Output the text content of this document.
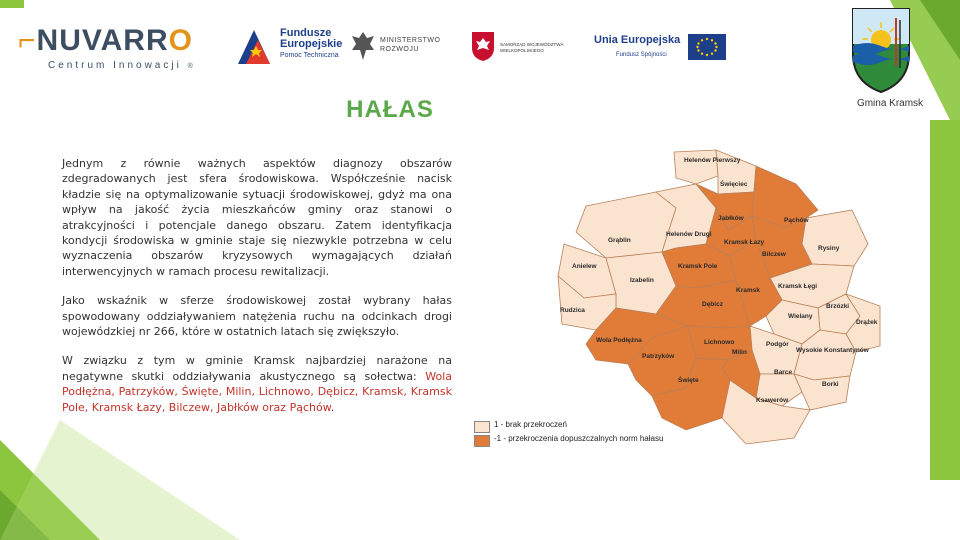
⌐NUVARRO
Centrum Innowacji ®
Fundusze
Europejskie
Pomoc Techniczna
MINISTERSTWO
ROZWOJU
SAMORZĄD WOJEWÓDZTWA
WIELKOPOLSKIEGO
Unia Europejska
Fundusz Spójności
Gmina Kramsk
HAŁAS

Jednym z równie ważnych aspektów diagnozy obszarów zdegradowanych jest sfera środowiskowa. Współcześnie nacisk kładzie się na optymalizowanie sytuacji środowiskowej, gdyż ma ona wpływ na jakość życia mieszkańców gminy oraz stanowi o atrakcyjności i potencjale danego obszaru. Zatem identyfikacja kondycji środowiska w gminie staje się niezwykle potrzebna w celu wyznaczenia obszarów kryzysowych wymagających działań interwencyjnych w ramach procesu rewitalizacji.

Jako wskaźnik w sferze środowiskowej został wybrany hałas spowodowany oddziaływaniem natężenia ruchu na odcinkach drogi wojewódzkiej nr 266, które w ostatnich latach się zwiększyło.

W związku z tym w gminie Kramsk najbardziej narażone na negatywne skutki oddziaływania akustycznego są sołectwa: Wola Podłężna, Patrzyków, Święte, Milin, Lichnowo, Dębicz, Kramsk, Kramsk Pole, Kramsk Łazy, Bilczew, Jabłków oraz Pąchów.

Helenów Pierwszy
Święciec
Jabłków	Pąchów
Grąblin
Helenów Drugi
Kramsk Łazy
Bilczew
Rysiny
Anielew	Kramsk Pole
Kramsk
Kramsk Łęgi
Izabelin
Dębicz	Brzózki
Rudzica
Wielany
Drążek
Wola Podłężna	Lichnowo	Podgór
Patrzyków
Milin	Wysokie Konstantynów
Barce
Święte
Borki
Ksawerów
1 - brak przekroczeń
-1 - przekroczenia dopuszczalnych norm hałasu
